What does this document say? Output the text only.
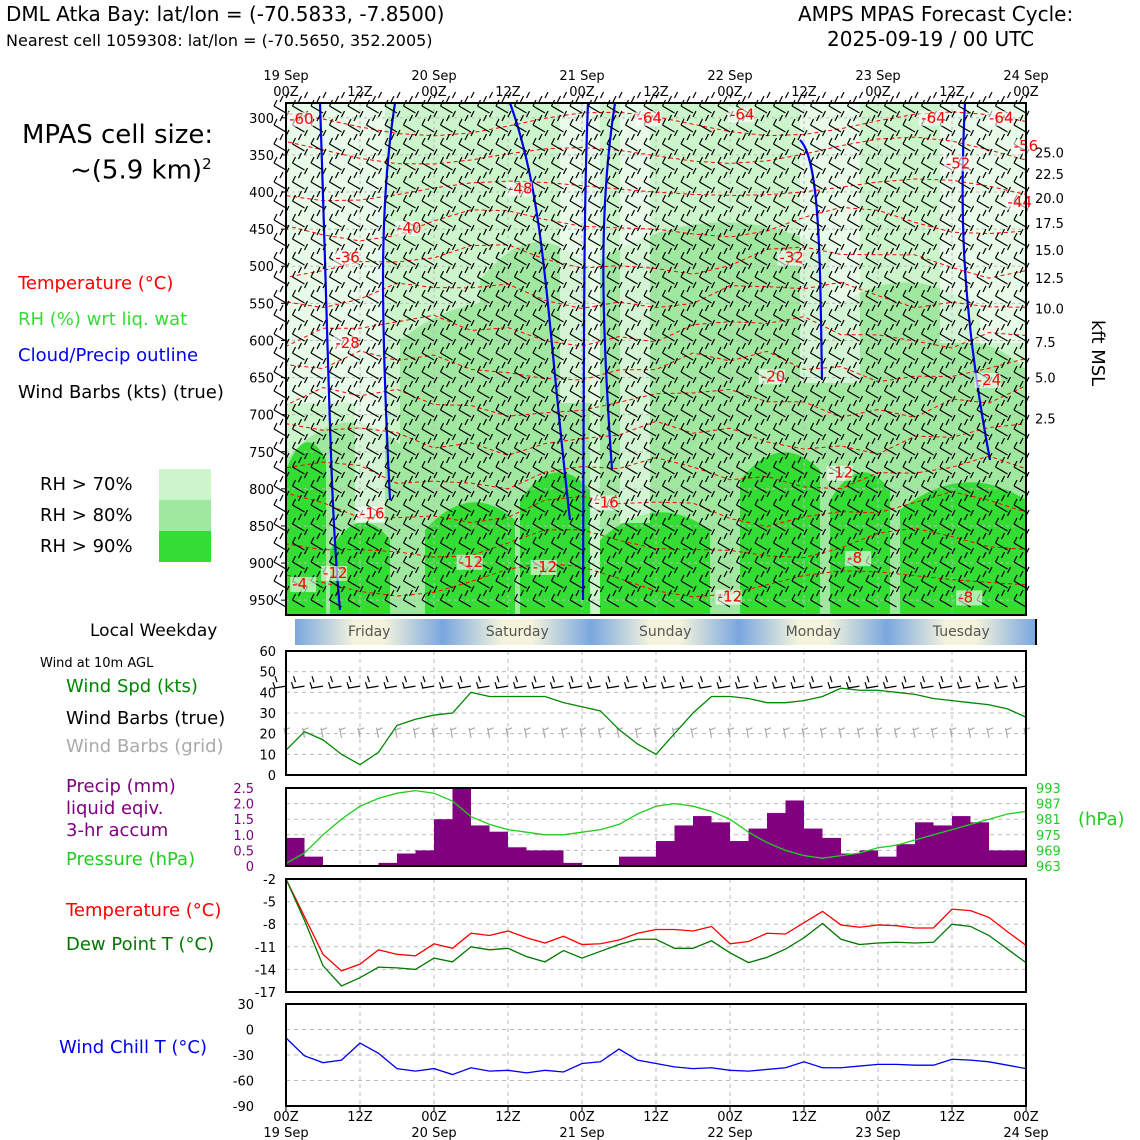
DML Atka Bay: lat/lon = (-70.5833, -7.8500)
Nearest cell 1059308: lat/lon = (-70.5650, 352.2005)
AMPS MPAS Forecast Cycle:
2025-09-19 / 00 UTC
MPAS cell size:
~(5.9 km)$^2$
Temperature (°C)
RH (%) wrt liq. wat
Cloud/Precip outline
Wind Barbs (kts) (true)
RH > 70%
RH > 80%
RH > 90%
Local Weekday
Wind at 10m AGL
Wind Spd (kts)
Wind Barbs (true)
Wind Barbs (grid)
Precip (mm)
liquid eqiv.
3-hr accum
Pressure (hPa)
Temperature (°C)
Dew Point T (°C)
Wind Chill T (°C)
(hPa)
kft MSL
Friday	Saturday	Sunday	Monday	Tuesday
300
350
400
450
500
550
600
650
700
750
800
850
900
950
-60	-64
-64	-64	-64
-56
-52
-48
-44
-40
-32
-36
-28
-20	-24
-12
-16
-16
-12
-12	-12
-12
-8
-8
-4
25.0
22.5
20.0
17.5
15.0
12.5
10.0
7.5
5.0
2.5
19 Sep
00Z	12Z
20 Sep
00Z	12Z
21 Sep
00Z	12Z
22 Sep
00Z	12Z
23 Sep
00Z	12Z
24 Sep
00Z
0
10
20
30
40
50
60
0
0.5
1.0
1.5
2.0
2.5
963
969
975
981
987
993
-2
-5
-8
-11
-14
-17
30
0
-30
-60
-90
00Z
19 Sep
12Z	00Z
20 Sep
12Z	00Z
21 Sep
12Z	00Z
22 Sep
12Z	00Z
23 Sep
12Z	00Z
24 Sep
